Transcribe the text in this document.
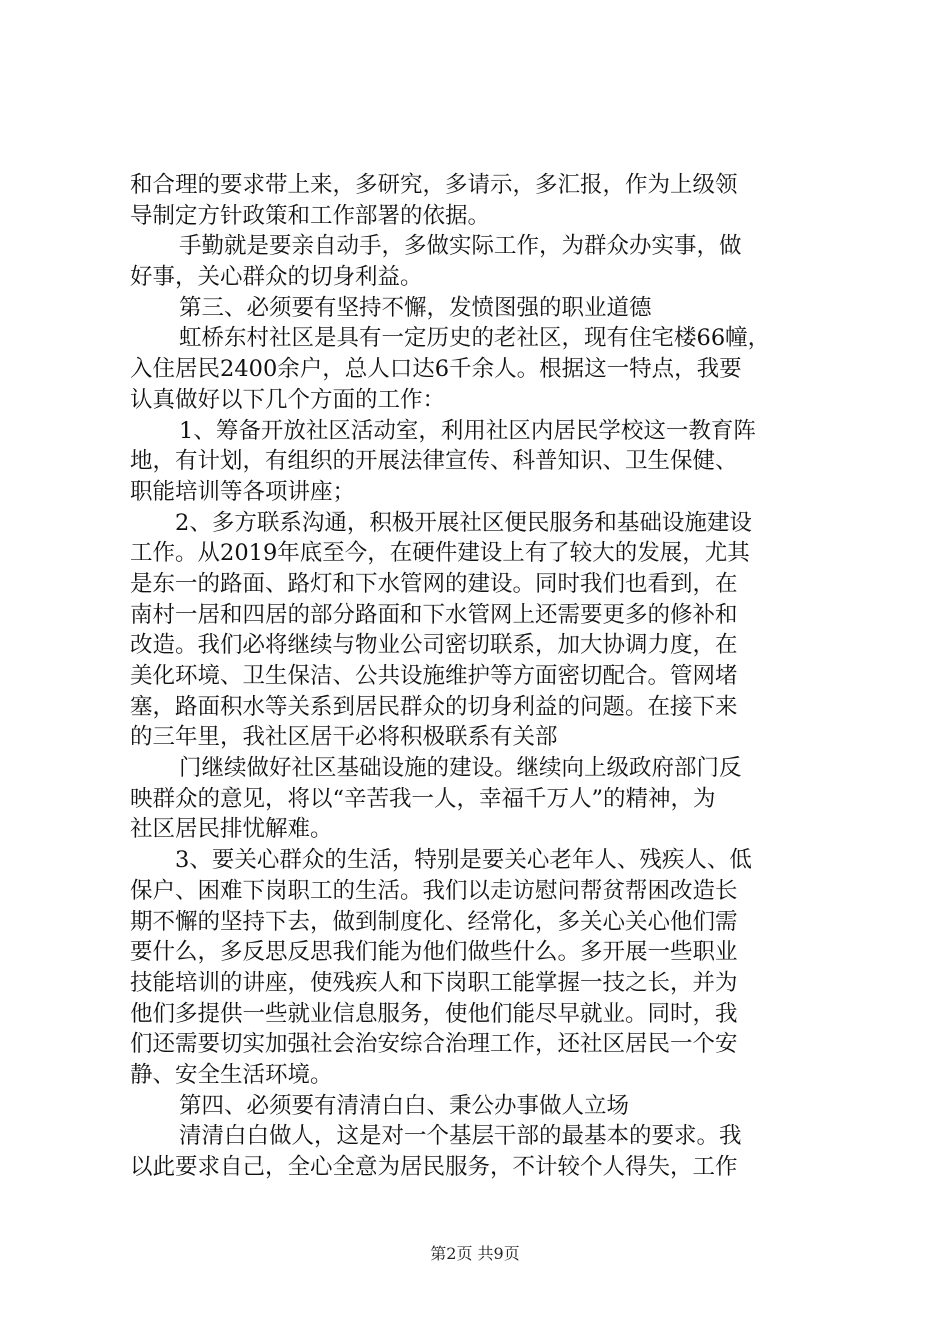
和合理的要求带上来，多研究，多请示，多汇报，作为上级领
导制定方针政策和工作部署的依据。
手勤就是要亲自动手，多做实际工作，为群众办实事，做
好事，关心群众的切身利益。
第三、必须要有坚持不懈，发愤图强的职业道德
虹桥东村社区是具有一定历史的老社区，现有住宅楼66幢，
入住居民2400余户，总人口达6千余人。根据这一特点，我要
认真做好以下几个方面的工作：
1、筹备开放社区活动室，利用社区内居民学校这一教育阵
地，有计划，有组织的开展法律宣传、科普知识、卫生保健、
职能培训等各项讲座；
2、多方联系沟通，积极开展社区便民服务和基础设施建设
工作。从2019年底至今，在硬件建设上有了较大的发展，尤其
是东一的路面、路灯和下水管网的建设。同时我们也看到，在
南村一居和四居的部分路面和下水管网上还需要更多的修补和
改造。我们必将继续与物业公司密切联系，加大协调力度，在
美化环境、卫生保洁、公共设施维护等方面密切配合。管网堵
塞，路面积水等关系到居民群众的切身利益的问题。在接下来
的三年里，我社区居干必将积极联系有关部
门继续做好社区基础设施的建设。继续向上级政府部门反
映群众的意见，将以“辛苦我一人，幸福千万人”的精神，为
社区居民排忧解难。
3、要关心群众的生活，特别是要关心老年人、残疾人、低
保户、困难下岗职工的生活。我们以走访慰问帮贫帮困改造长
期不懈的坚持下去，做到制度化、经常化，多关心关心他们需
要什么，多反思反思我们能为他们做些什么。多开展一些职业
技能培训的讲座，使残疾人和下岗职工能掌握一技之长，并为
他们多提供一些就业信息服务，使他们能尽早就业。同时，我
们还需要切实加强社会治安综合治理工作，还社区居民一个安
静、安全生活环境。
第四、必须要有清清白白、秉公办事做人立场
清清白白做人，这是对一个基层干部的最基本的要求。我
以此要求自己，全心全意为居民服务，不计较个人得失，工作
第2页 共9页
